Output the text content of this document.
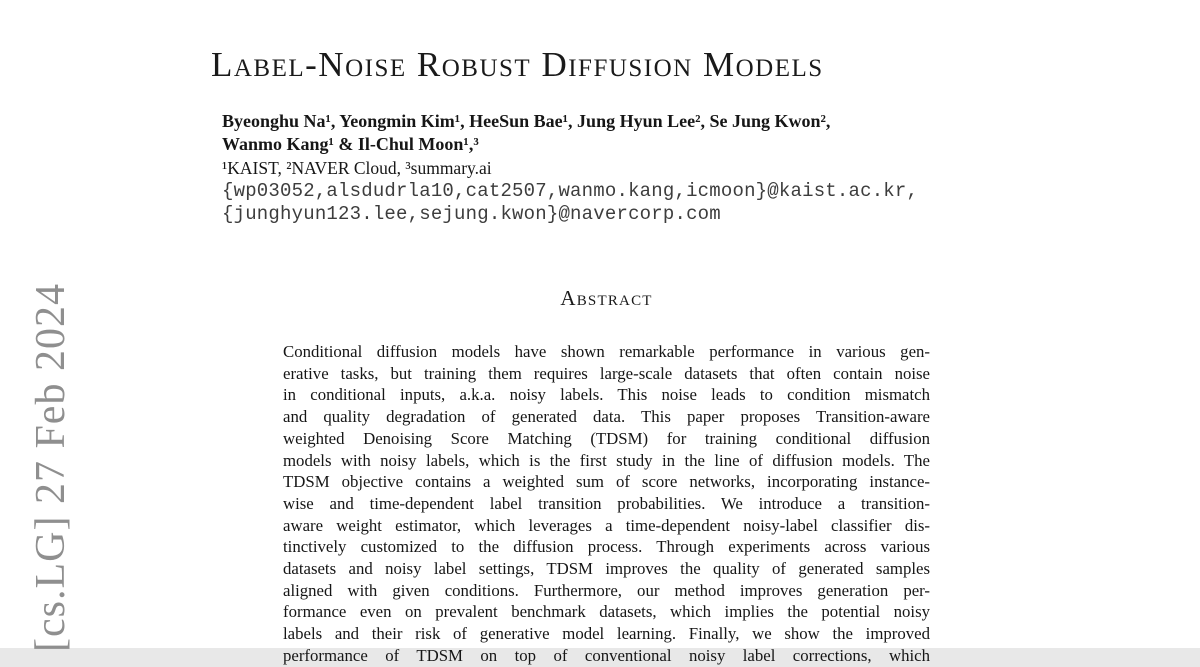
[cs.LG] 27 Feb 2024
Label-Noise Robust Diffusion Models
Byeonghu Na¹, Yeongmin Kim¹, HeeSun Bae¹, Jung Hyun Lee², Se Jung Kwon²,
Wanmo Kang¹ & Il-Chul Moon¹,³
¹KAIST, ²NAVER Cloud, ³summary.ai
{wp03052,alsdudrla10,cat2507,wanmo.kang,icmoon}@kaist.ac.kr,
{junghyun123.lee,sejung.kwon}@navercorp.com
Abstract
Conditional diffusion models have shown remarkable performance in various gen-
erative tasks, but training them requires large-scale datasets that often contain noise
in conditional inputs, a.k.a. noisy labels. This noise leads to condition mismatch
and quality degradation of generated data. This paper proposes Transition-aware
weighted Denoising Score Matching (TDSM) for training conditional diffusion
models with noisy labels, which is the first study in the line of diffusion models. The
TDSM objective contains a weighted sum of score networks, incorporating instance-
wise and time-dependent label transition probabilities. We introduce a transition-
aware weight estimator, which leverages a time-dependent noisy-label classifier dis-
tinctively customized to the diffusion process. Through experiments across various
datasets and noisy label settings, TDSM improves the quality of generated samples
aligned with given conditions. Furthermore, our method improves generation per-
formance even on prevalent benchmark datasets, which implies the potential noisy
labels and their risk of generative model learning. Finally, we show the improved
performance of TDSM on top of conventional noisy label corrections, which
